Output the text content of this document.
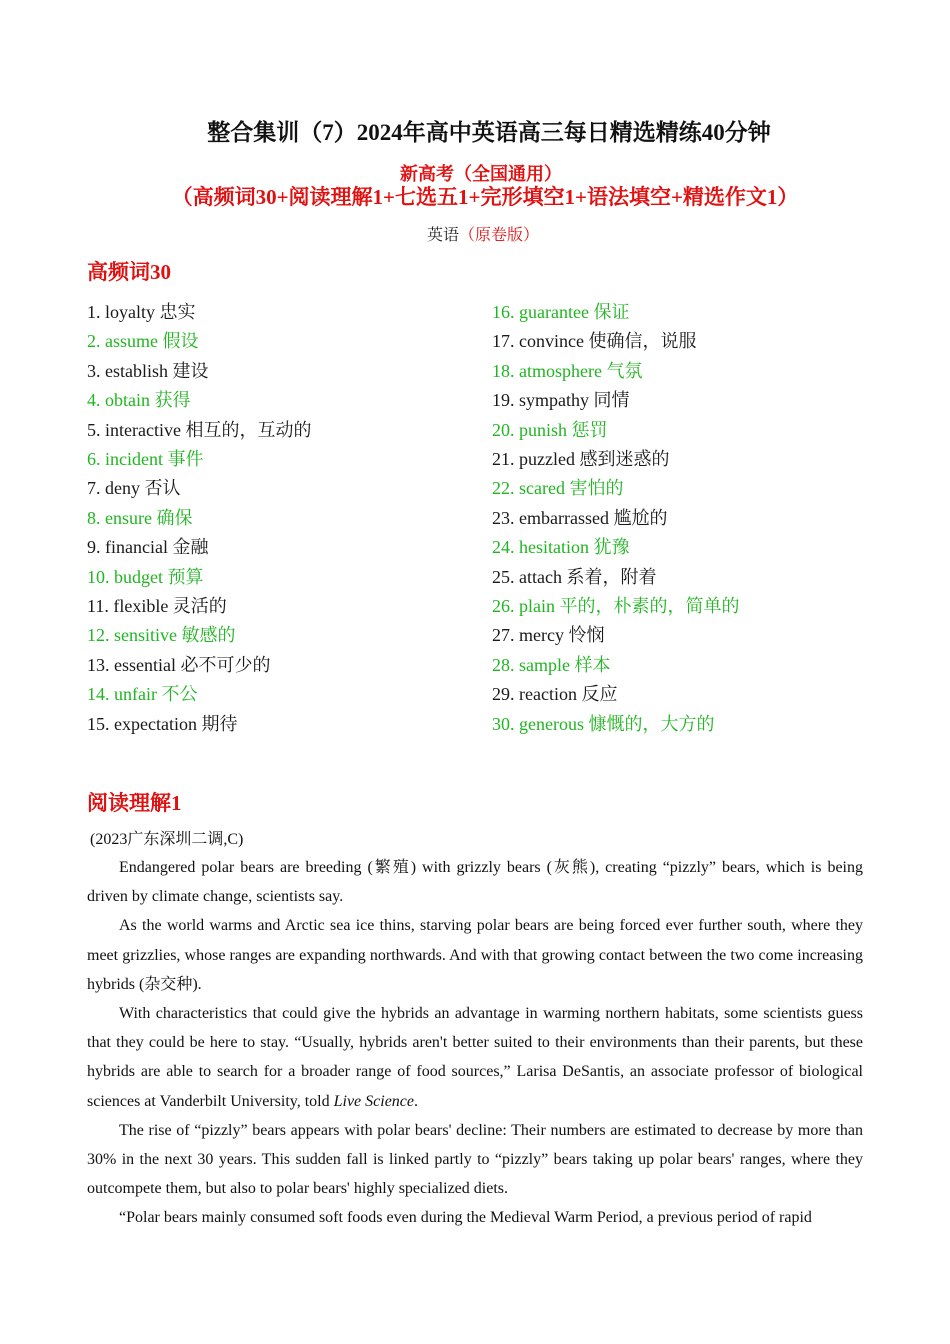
整合集训（7）2024年高中英语高三每日精选精练40分钟
新高考（全国通用）
（高频词30+阅读理解1+七选五1+完形填空1+语法填空+精选作文1）
英语（原卷版）
高频词30
1. loyalty 忠实
2. assume 假设
3. establish 建设
4. obtain 获得
5. interactive 相互的，互动的
6. incident 事件
7. deny 否认
8. ensure 确保
9. financial 金融
10. budget 预算
11. flexible 灵活的
12. sensitive 敏感的
13. essential 必不可少的
14. unfair 不公
15. expectation 期待
16. guarantee 保证
17. convince 使确信，说服
18. atmosphere 气氛
19. sympathy 同情
20. punish 惩罚
21. puzzled 感到迷惑的
22. scared 害怕的
23. embarrassed 尴尬的
24. hesitation 犹豫
25. attach 系着，附着
26. plain 平的，朴素的，简单的
27. mercy 怜悯
28. sample 样本
29. reaction 反应
30. generous 慷慨的，大方的
阅读理解1
(2023广东深圳二调,C)

Endangered polar bears are breeding (繁殖) with grizzly bears (灰熊), creating “pizzly” bears, which is being driven by climate change, scientists say.

As the world warms and Arctic sea ice thins, starving polar bears are being forced ever further south, where they meet grizzlies, whose ranges are expanding northwards. And with that growing contact between the two come increasing hybrids (杂交种).

With characteristics that could give the hybrids an advantage in warming northern habitats, some scientists guess that they could be here to stay. “Usually, hybrids aren't better suited to their environments than their parents, but these hybrids are able to search for a broader range of food sources,” Larisa DeSantis, an associate professor of biological sciences at Vanderbilt University, told Live Science.

The rise of “pizzly” bears appears with polar bears' decline: Their numbers are estimated to decrease by more than 30% in the next 30 years. This sudden fall is linked partly to “pizzly” bears taking up polar bears' ranges, where they outcompete them, but also to polar bears' highly specialized diets.

“Polar bears mainly consumed soft foods even during the Medieval Warm Period, a previous period of rapid
